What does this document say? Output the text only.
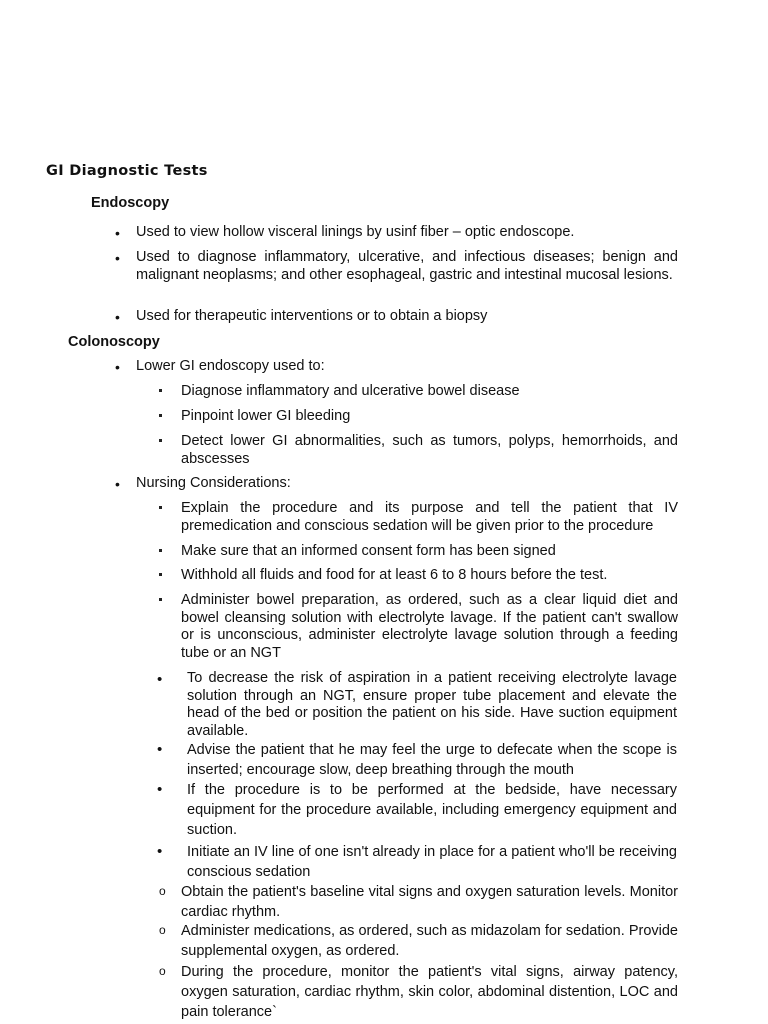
GI Diagnostic Tests
Endoscopy
• Used to view hollow visceral linings by usinf fiber – optic endoscope.
• Used to diagnose inflammatory, ulcerative, and infectious diseases; benign and malignant neoplasms; and other esophageal, gastric and intestinal mucosal lesions.
• Used for therapeutic interventions or to obtain a biopsy
Colonoscopy
• Lower GI endoscopy used to:
Diagnose inflammatory and ulcerative bowel disease
Pinpoint lower GI bleeding
Detect lower GI abnormalities, such as tumors, polyps, hemorrhoids, and abscesses
• Nursing Considerations:
Explain the procedure and its purpose and tell the patient that IV premedication and conscious sedation will be given prior to the procedure
Make sure that an informed consent form has been signed
Withhold all fluids and food for at least 6 to 8 hours before the test.
Administer bowel preparation, as ordered, such as a clear liquid diet and bowel cleansing solution with electrolyte lavage. If the patient can't swallow or is unconscious, administer electrolyte lavage solution through a feeding tube or an NGT
• To decrease the risk of aspiration in a patient receiving electrolyte lavage solution through an NGT, ensure proper tube placement and elevate the head of the bed or position the patient on his side. Have suction equipment available.
• Advise the patient that he may feel the urge to defecate when the scope is inserted; encourage slow, deep breathing through the mouth
• If the procedure is to be performed at the bedside, have necessary equipment for the procedure available, including emergency equipment and suction.
• Initiate an IV line of one isn't already in place for a patient who'll be receiving conscious sedation
o Obtain the patient's baseline vital signs and oxygen saturation levels. Monitor cardiac rhythm.
o Administer medications, as ordered, such as midazolam for sedation. Provide supplemental oxygen, as ordered.
o During the procedure, monitor the patient's vital signs, airway patency, oxygen saturation, cardiac rhythm, skin color, abdominal distention, LOC and pain tolerance`
